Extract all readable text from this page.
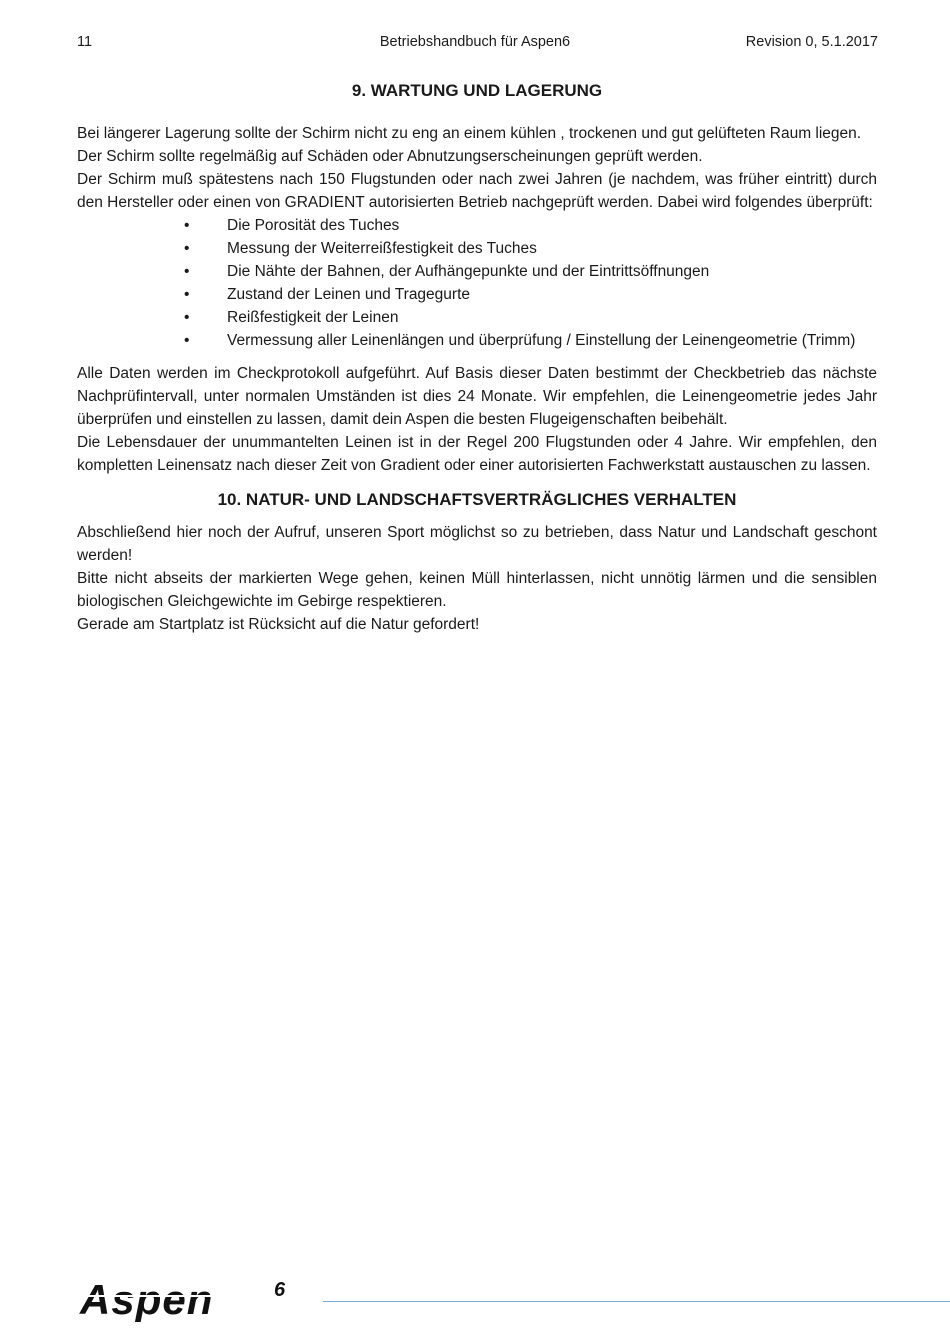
11	Betriebshandbuch für Aspen6	Revision 0, 5.1.2017
9. WARTUNG UND LAGERUNG

Bei längerer Lagerung sollte der Schirm nicht zu eng an einem kühlen , trockenen und gut gelüfteten Raum liegen.

Der Schirm sollte regelmäßig auf Schäden oder Abnutzungserscheinungen geprüft werden.

Der Schirm muß spätestens nach 150 Flugstunden oder nach zwei Jahren (je nachdem, was früher eintritt) durch den Hersteller oder einen von GRADIENT autorisierten Betrieb nachgeprüft werden. Dabei wird folgendes überprüft:

• Die Porosität des Tuches
• Messung der Weiterreißfestigkeit des Tuches
• Die Nähte der Bahnen, der Aufhängepunkte und der Eintrittsöffnungen
• Zustand der Leinen und Tragegurte
• Reißfestigkeit der Leinen
• Vermessung aller Leinenlängen und überprüfung / Einstellung der Leinengeometrie (Trimm)

Alle Daten werden im Checkprotokoll aufgeführt. Auf Basis dieser Daten bestimmt der Checkbetrieb das nächste Nachprüfintervall, unter normalen Umständen ist dies 24 Monate. Wir empfehlen, die Leinengeometrie jedes Jahr überprüfen und einstellen zu lassen, damit dein Aspen die besten Flugeigenschaften beibehält.

Die Lebensdauer der unummantelten Leinen ist in der Regel 200 Flugstunden oder 4 Jahre. Wir empfehlen, den kompletten Leinensatz nach dieser Zeit von Gradient oder einer autorisierten Fachwerkstatt austauschen zu lassen.

10. NATUR- UND LANDSCHAFTSVERTRÄGLICHES VERHALTEN

Abschließend hier noch der Aufruf, unseren Sport möglichst so zu betrieben, dass Natur und Landschaft geschont werden!

Bitte nicht abseits der markierten Wege gehen, keinen Müll hinterlassen, nicht unnötig lärmen und die sensiblen biologischen Gleichgewichte im Gebirge respektieren.

Gerade am Startplatz ist Rücksicht auf die Natur gefordert!

Aspen	6
